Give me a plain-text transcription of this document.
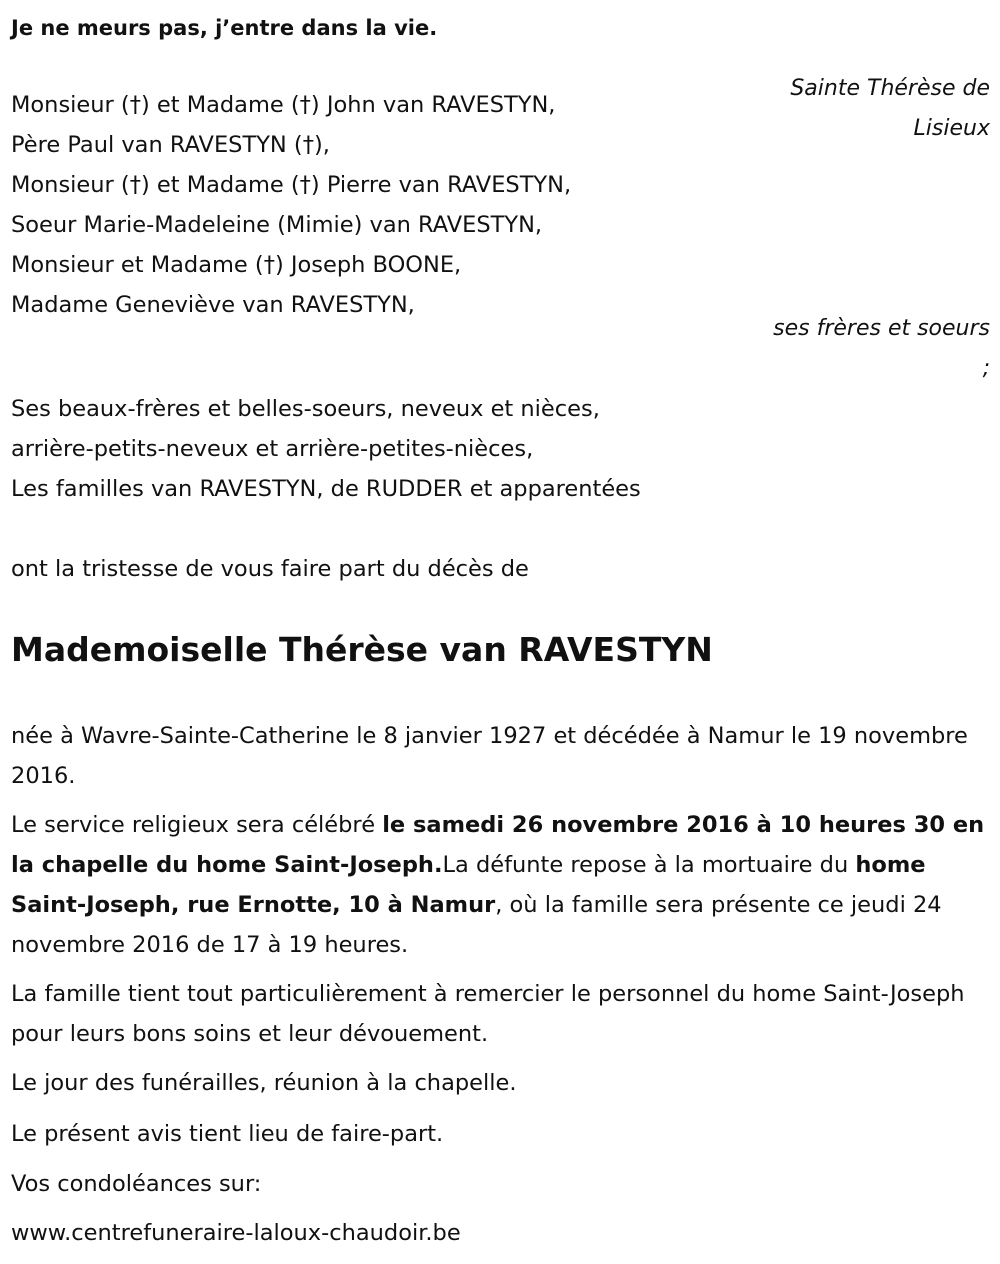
Je ne meurs pas, j’entre dans la vie.
Sainte Thérèse de
Lisieux
Monsieur (†) et Madame (†) John van RAVESTYN,
Père Paul van RAVESTYN (†),
Monsieur (†) et Madame (†) Pierre van RAVESTYN,
Soeur Marie-Madeleine (Mimie) van RAVESTYN,
Monsieur et Madame (†) Joseph BOONE,
Madame Geneviève van RAVESTYN,
ses frères et soeurs
;
Ses beaux-frères et belles-soeurs, neveux et nièces,
arrière-petits-neveux et arrière-petites-nièces,
Les familles van RAVESTYN, de RUDDER et apparentées
ont la tristesse de vous faire part du décès de
Mademoiselle Thérèse van RAVESTYN
née à Wavre-Sainte-Catherine le 8 janvier 1927 et décédée à Namur le 19 novembre 2016.
Le service religieux sera célébré le samedi 26 novembre 2016 à 10 heures 30 en la chapelle du home Saint-Joseph.La défunte repose à la mortuaire du home Saint-Joseph, rue Ernotte, 10 à Namur, où la famille sera présente ce jeudi 24 novembre 2016 de 17 à 19 heures.
La famille tient tout particulièrement à remercier le personnel du home Saint-Joseph pour leurs bons soins et leur dévouement.
Le jour des funérailles, réunion à la chapelle.
Le présent avis tient lieu de faire-part.
Vos condoléances sur:
www.centrefuneraire-laloux-chaudoir.be
